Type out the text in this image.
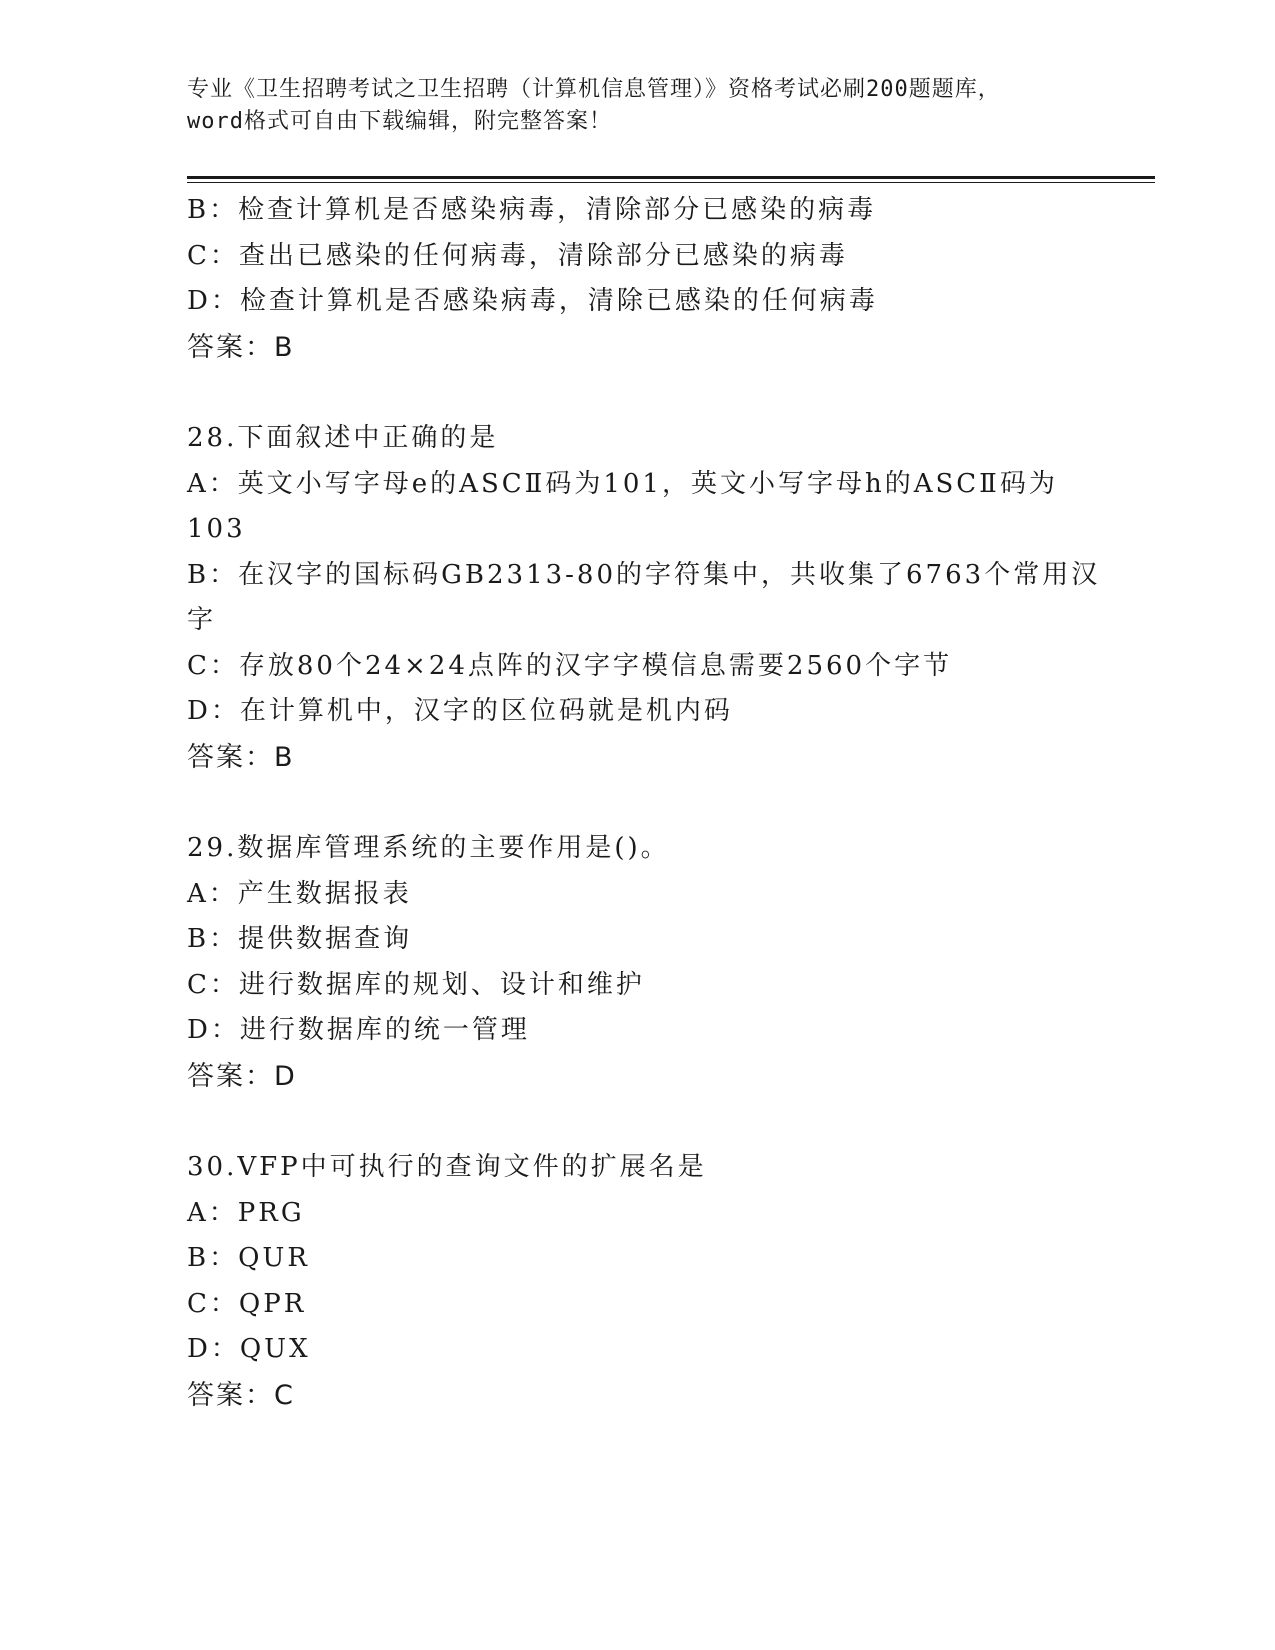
专业《卫生招聘考试之卫生招聘（计算机信息管理）》资格考试必刷200题题库，
word格式可自由下载编辑，附完整答案！
B：检查计算机是否感染病毒，清除部分已感染的病毒
C：查出已感染的任何病毒，清除部分已感染的病毒
D：检查计算机是否感染病毒，清除已感染的任何病毒
答案：B
28.下面叙述中正确的是
A：英文小写字母e的ASCⅡ码为101，英文小写字母h的ASCⅡ码为
103
B：在汉字的国标码GB2313-80的字符集中，共收集了6763个常用汉
字
C：存放80个24×24点阵的汉字字模信息需要2560个字节
D：在计算机中，汉字的区位码就是机内码
答案：B
29.数据库管理系统的主要作用是()。
A：产生数据报表
B：提供数据查询
C：进行数据库的规划、设计和维护
D：进行数据库的统一管理
答案：D
30.VFP中可执行的查询文件的扩展名是
A：PRG
B：QUR
C：QPR
D：QUX
答案：C
